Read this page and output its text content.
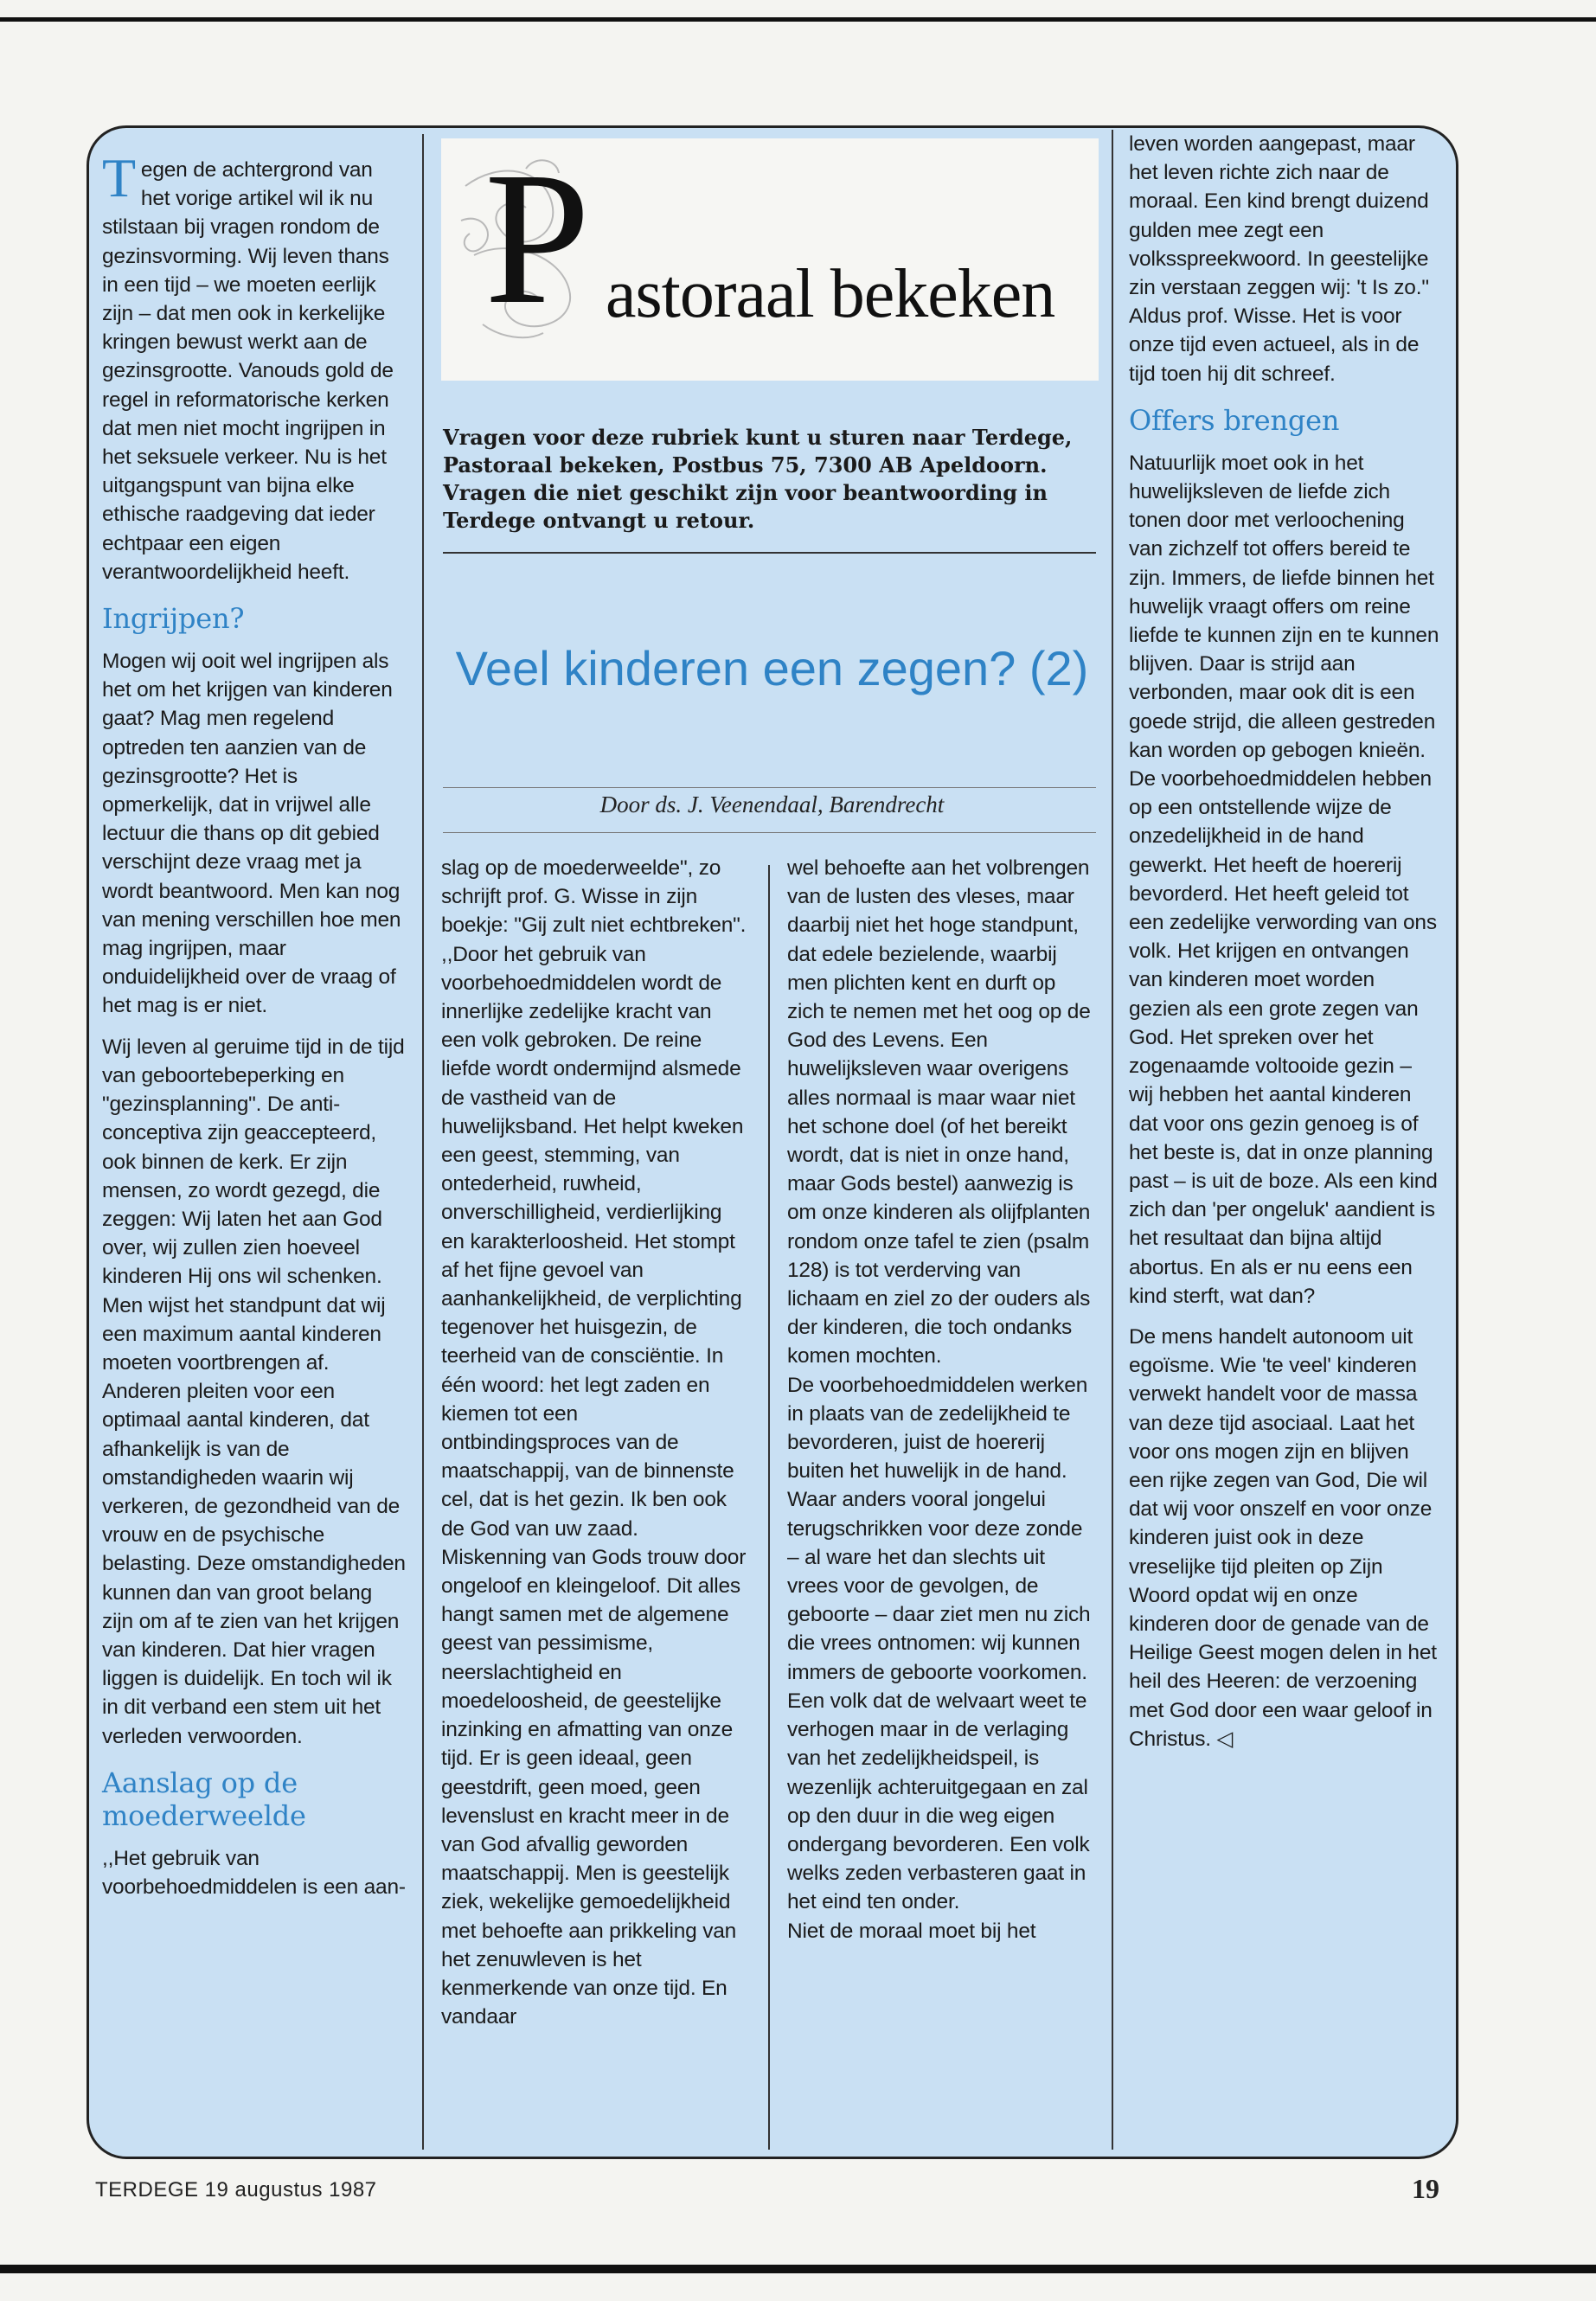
P astoraal bekeken
Vragen voor deze rubriek kunt u sturen naar Terdege, Pastoraal bekeken, Postbus 75, 7300 AB Apeldoorn. Vragen die niet geschikt zijn voor beantwoording in Terdege ontvangt u retour.
Veel kinderen een zegen? (2)
Door ds. J. Veenendaal, Barendrecht

Tegen de achtergrond van het vorige artikel wil ik nu stilstaan bij vragen rondom de gezinsvorming. Wij leven thans in een tijd – we moeten eerlijk zijn – dat men ook in kerkelijke kringen bewust werkt aan de gezinsgrootte. Vanouds gold de regel in reformatorische kerken dat men niet mocht ingrijpen in het seksuele verkeer. Nu is het uitgangspunt van bijna elke ethische raadgeving dat ieder echtpaar een eigen verantwoordelijkheid heeft.

Ingrijpen?

Mogen wij ooit wel ingrijpen als het om het krijgen van kinderen gaat? Mag men regelend optreden ten aanzien van de gezinsgrootte? Het is opmerkelijk, dat in vrijwel alle lectuur die thans op dit gebied verschijnt deze vraag met ja wordt beantwoord. Men kan nog van mening verschillen hoe men mag ingrijpen, maar onduidelijkheid over de vraag of het mag is er niet.

Wij leven al geruime tijd in de tijd van geboortebeperking en "gezinsplanning". De anti-conceptiva zijn geaccepteerd, ook binnen de kerk. Er zijn mensen, zo wordt gezegd, die zeggen: Wij laten het aan God over, wij zullen zien hoeveel kinderen Hij ons wil schenken. Men wijst het standpunt dat wij een maximum aantal kinderen moeten voortbrengen af. Anderen pleiten voor een optimaal aantal kinderen, dat afhankelijk is van de omstandigheden waarin wij verkeren, de gezondheid van de vrouw en de psychische belasting. Deze omstandigheden kunnen dan van groot belang zijn om af te zien van het krijgen van kinderen. Dat hier vragen liggen is duidelijk. En toch wil ik in dit verband een stem uit het verleden verwoorden.

Aanslag op de moederweelde

,,Het gebruik van voorbehoedmiddelen is een aan-

slag op de moederweelde", zo schrijft prof. G. Wisse in zijn boekje: "Gij zult niet echtbreken". ,,Door het gebruik van voorbehoedmiddelen wordt de innerlijke zedelijke kracht van een volk gebroken. De reine liefde wordt ondermijnd alsmede de vastheid van de huwelijksband. Het helpt kweken een geest, stemming, van ontederheid, ruwheid, onverschilligheid, verdierlijking en karakterloosheid. Het stompt af het fijne gevoel van aanhankelijkheid, de verplichting tegenover het huisgezin, de teerheid van de consciëntie. In één woord: het legt zaden en kiemen tot een ontbindingsproces van de maatschappij, van de binnenste cel, dat is het gezin. Ik ben ook de God van uw zaad. Miskenning van Gods trouw door ongeloof en kleingeloof. Dit alles hangt samen met de algemene geest van pessimisme, neerslachtigheid en moedeloosheid, de geestelijke inzinking en afmatting van onze tijd. Er is geen ideaal, geen geestdrift, geen moed, geen levenslust en kracht meer in de van God afvallig geworden maatschappij. Men is geestelijk ziek, wekelijke gemoedelijkheid met behoefte aan prikkeling van het zenuwleven is het kenmerkende van onze tijd. En vandaar

wel behoefte aan het volbrengen van de lusten des vleses, maar daarbij niet het hoge standpunt, dat edele bezielende, waarbij men plichten kent en durft op zich te nemen met het oog op de God des Levens. Een huwelijksleven waar overigens alles normaal is maar waar niet het schone doel (of het bereikt wordt, dat is niet in onze hand, maar Gods bestel) aanwezig is om onze kinderen als olijfplanten rondom onze tafel te zien (psalm 128) is tot verderving van lichaam en ziel zo der ouders als der kinderen, die toch ondanks komen mochten.

De voorbehoedmiddelen werken in plaats van de zedelijkheid te bevorderen, juist de hoererij buiten het huwelijk in de hand. Waar anders vooral jongelui terugschrikken voor deze zonde – al ware het dan slechts uit vrees voor de gevolgen, de geboorte – daar ziet men nu zich die vrees ontnomen: wij kunnen immers de geboorte voorkomen. Een volk dat de welvaart weet te verhogen maar in de verlaging van het zedelijkheidspeil, is wezenlijk achteruitgegaan en zal op den duur in die weg eigen ondergang bevorderen. Een volk welks zeden verbasteren gaat in het eind ten onder.

Niet de moraal moet bij het

leven worden aangepast, maar het leven richte zich naar de moraal. Een kind brengt duizend gulden mee zegt een volksspreekwoord. In geestelijke zin verstaan zeggen wij: 't Is zo."

Aldus prof. Wisse. Het is voor onze tijd even actueel, als in de tijd toen hij dit schreef.

Offers brengen

Natuurlijk moet ook in het huwelijksleven de liefde zich tonen door met verloochening van zichzelf tot offers bereid te zijn. Immers, de liefde binnen het huwelijk vraagt offers om reine liefde te kunnen zijn en te kunnen blijven. Daar is strijd aan verbonden, maar ook dit is een goede strijd, die alleen gestreden kan worden op gebogen knieën.

De voorbehoedmiddelen hebben op een ontstellende wijze de onzedelijkheid in de hand gewerkt. Het heeft de hoererij bevorderd. Het heeft geleid tot een zedelijke verwording van ons volk. Het krijgen en ontvangen van kinderen moet worden gezien als een grote zegen van God. Het spreken over het zogenaamde voltooide gezin – wij hebben het aantal kinderen dat voor ons gezin genoeg is of het beste is, dat in onze planning past – is uit de boze. Als een kind zich dan 'per ongeluk' aandient is het resultaat dan bijna altijd abortus. En als er nu eens een kind sterft, wat dan?

De mens handelt autonoom uit egoïsme. Wie 'te veel' kinderen verwekt handelt voor de massa van deze tijd asociaal. Laat het voor ons mogen zijn en blijven een rijke zegen van God, Die wil dat wij voor onszelf en voor onze kinderen juist ook in deze vreselijke tijd pleiten op Zijn Woord opdat wij en onze kinderen door de genade van de Heilige Geest mogen delen in het heil des Heeren: de verzoening met God door een waar geloof in Christus. ◁

TERDEGE 19 augustus 1987	19
